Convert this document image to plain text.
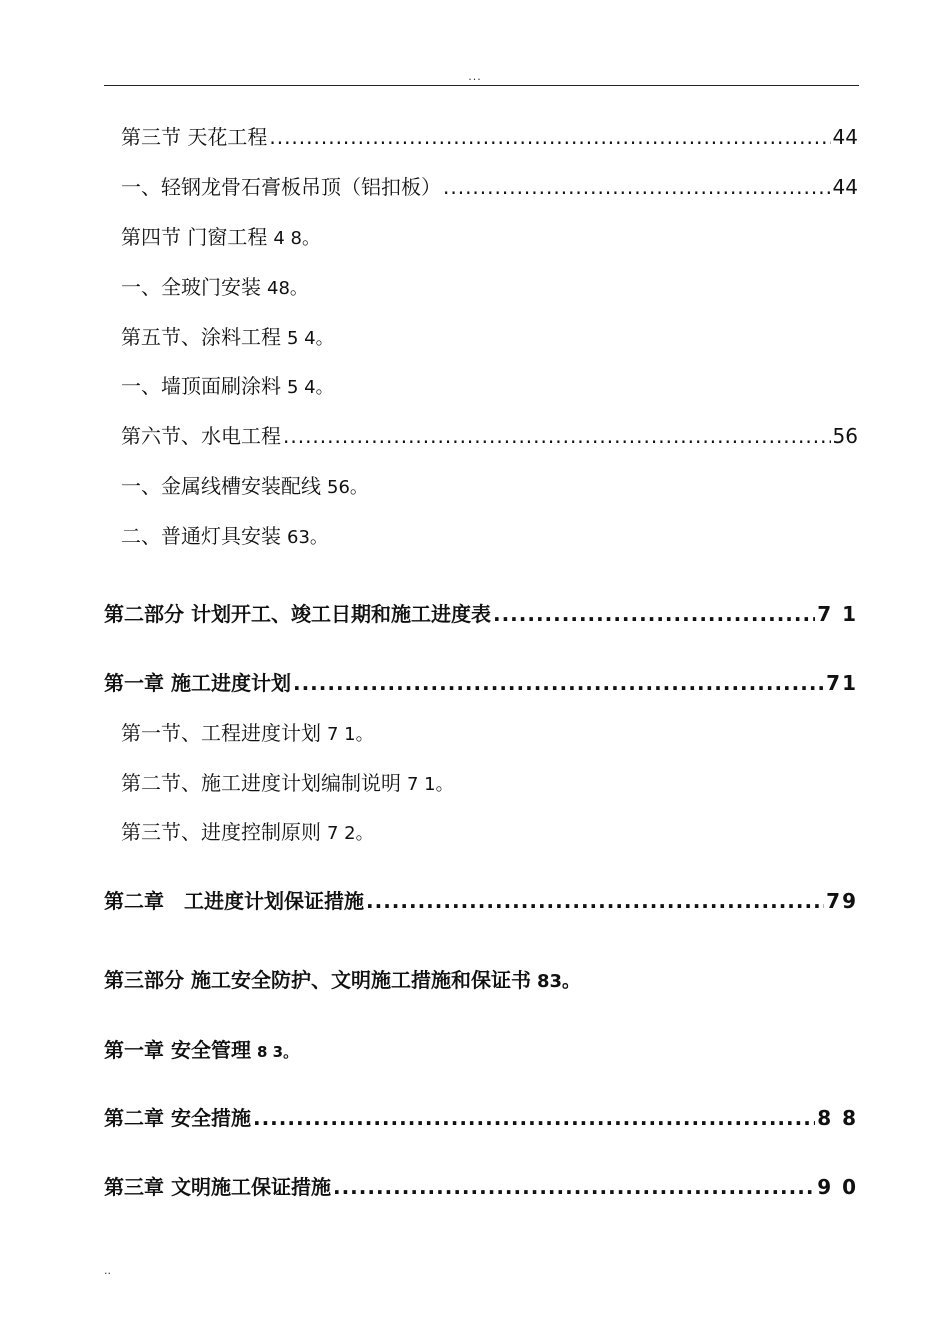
...
第三节 天花工程 .....	44
一、轻钢龙骨石膏板吊顶（铝扣板） .....	44
第四节 门窗工程 4 8。
一、全玻门安装 48。
第五节、涂料工程 5 4。
一、墙顶面刷涂料 5 4。
第六节、水电工程 .....	56
一、金属线槽安装配线 56。
二、普通灯具安装 63。
第二部分 计划开工、竣工日期和施工进度表 .....	7 1
第一章 施工进度计划 .....	71
第一节、工程进度计划 7 1。
第二节、施工进度计划编制说明 7 1。
第三节、进度控制原则 7 2。
第二章　工进度计划保证措施 .....	79
第三部分 施工安全防护、文明施工措施和保证书 83。
第一章 安全管理 8 3。
第二章 安全措施 .....	8 8
第三章 文明施工保证措施 .....	9 0
..
